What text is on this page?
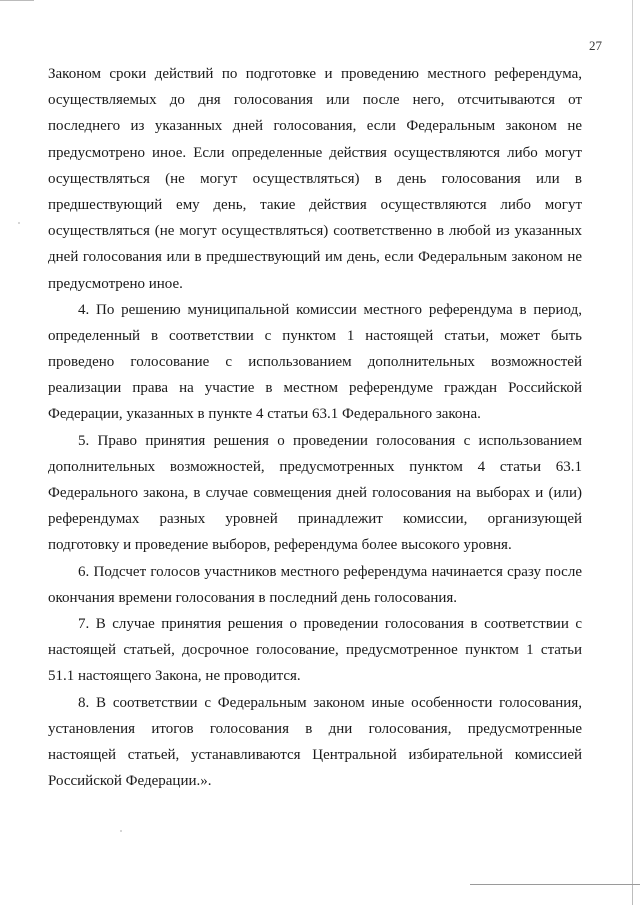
27
Законом сроки действий по подготовке и проведению местного референдума,
осуществляемых до дня голосования или после него, отсчитываются от
последнего из указанных дней голосования, если Федеральным законом не
предусмотрено иное. Если определенные действия осуществляются либо могут
осуществляться (не могут осуществляться) в день голосования или в
предшествующий ему день, такие действия осуществляются либо могут
осуществляться (не могут осуществляться) соответственно в любой из указанных
дней голосования или в предшествующий им день, если Федеральным законом не
предусмотрено иное.
4. По решению муниципальной комиссии местного референдума в период,
определенный в соответствии с пунктом 1 настоящей статьи, может быть
проведено голосование с использованием дополнительных возможностей
реализации права на участие в местном референдуме граждан Российской
Федерации, указанных в пункте 4 статьи 63.1 Федерального закона.
5. Право принятия решения о проведении голосования с использованием
дополнительных возможностей, предусмотренных пунктом 4 статьи 63.1
Федерального закона, в случае совмещения дней голосования на выборах и (или)
референдумах разных уровней принадлежит комиссии, организующей
подготовку и проведение выборов, референдума более высокого уровня.
6. Подсчет голосов участников местного референдума начинается сразу после
окончания времени голосования в последний день голосования.
7. В случае принятия решения о проведении голосования в соответствии с
настоящей статьей, досрочное голосование, предусмотренное пунктом 1 статьи
51.1 настоящего Закона, не проводится.
8. В соответствии с Федеральным законом иные особенности голосования,
установления итогов голосования в дни голосования, предусмотренные
настоящей статьей, устанавливаются Центральной избирательной комиссией
Российской Федерации.».
